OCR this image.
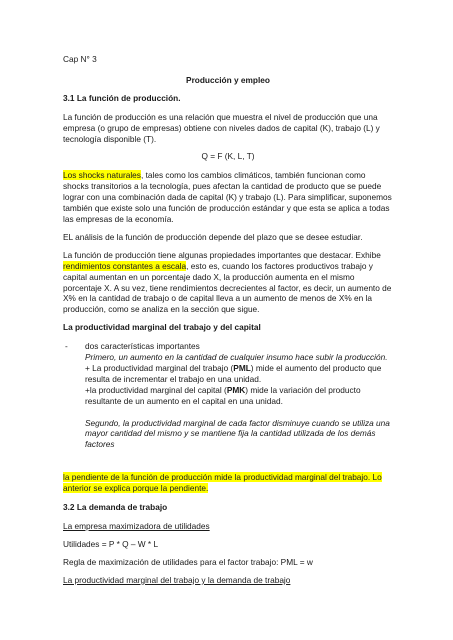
Cap N° 3

Producción y empleo

3.1 La función de producción.

La función de producción es una relación que muestra el nivel de producción que una empresa (o grupo de empresas) obtiene con niveles dados de capital (K), trabajo (L) y tecnología disponible (T).

Q = F (K, L, T)

Los shocks naturales, tales como los cambios climáticos, también funcionan como shocks transitorios a la tecnología, pues afectan la cantidad de producto que se puede lograr con una combinación dada de capital (K) y trabajo (L). Para simplificar, suponemos también que existe solo una función de producción estándar y que esta se aplica a todas las empresas de la economía.

EL análisis de la función de producción depende del plazo que se desee estudiar.

La función de producción tiene algunas propiedades importantes que destacar. Exhibe rendimientos constantes a escala, esto es, cuando los factores productivos trabajo y capital aumentan en un porcentaje dado X, la producción aumenta en el mismo porcentaje X. A su vez, tiene rendimientos decrecientes al factor, es decir, un aumento de X% en la cantidad de trabajo o de capital lleva a un aumento de menos de X% en la producción, como se analiza en la sección que sigue.

La productividad marginal del trabajo y del capital

-	dos características importantes

Primero, un aumento en la cantidad de cualquier insumo hace subir la producción.

+ La productividad marginal del trabajo (PML) mide el aumento del producto que resulta de incrementar el trabajo en una unidad.

+la productividad marginal del capital (PMK) mide la variación del producto resultante de un aumento en el capital en una unidad.

Segundo, la productividad marginal de cada factor disminuye cuando se utiliza una mayor cantidad del mismo y se mantiene fija la cantidad utilizada de los demás factores

la pendiente de la función de producción mide la productividad marginal del trabajo. Lo anterior se explica porque la pendiente.

3.2 La demanda de trabajo

La empresa maximizadora de utilidades

Utilidades = P * Q – W * L

Regla de maximización de utilidades para el factor trabajo: PML = w

La productividad marginal del trabajo y la demanda de trabajo
